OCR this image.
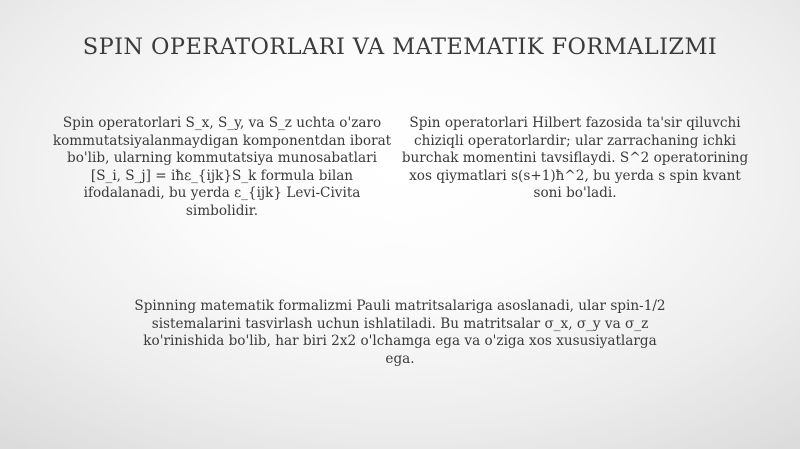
SPIN OPERATORLARI VA MATEMATIK FORMALIZMI

Spin operatorlari S_x, S_y, va S_z uchta o'zaro kommutatsiyalanmaydigan komponentdan iborat bo'lib, ularning kommutatsiya munosabatlari [S_i, S_j] = iħε_{ijk}S_k formula bilan ifodalanadi, bu yerda ε_{ijk} Levi-Civita simbolidir.

Spin operatorlari Hilbert fazosida ta'sir qiluvchi chiziqli operatorlardir; ular zarrachaning ichki burchak momentini tavsiflaydi. S^2 operatorining xos qiymatlari s(s+1)ħ^2, bu yerda s spin kvant soni bo'ladi.

Spinning matematik formalizmi Pauli matritsalariga asoslanadi, ular spin-1/2 sistemalarini tasvirlash uchun ishlatiladi. Bu matritsalar σ_x, σ_y va σ_z ko'rinishida bo'lib, har biri 2x2 o'lchamga ega va o'ziga xos xususiyatlarga ega.
